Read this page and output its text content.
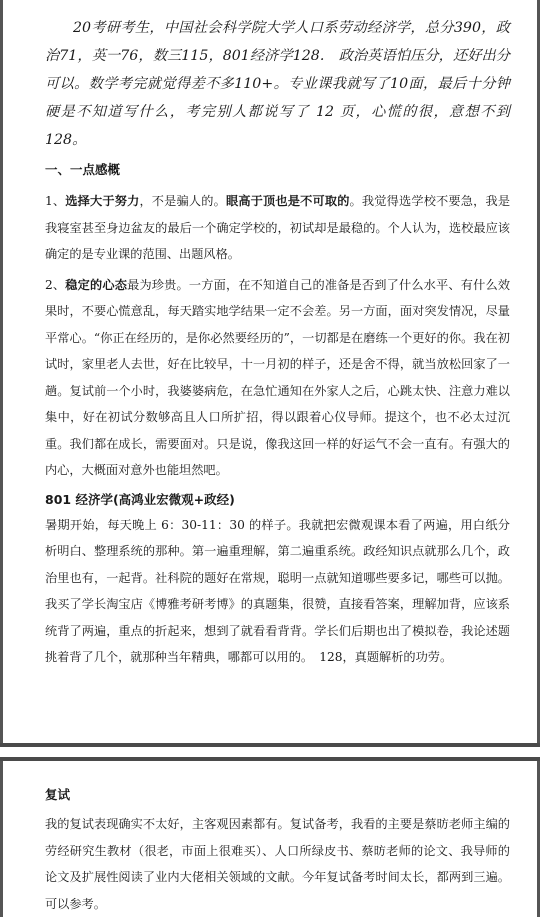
20考研考生，中国社会科学院大学人口系劳动经济学，总分390，政治71，英一76，数三115，801经济学128.　政治英语怕压分，还好出分可以。数学考完就觉得差不多110+。专业课我就写了10面，最后十分钟硬是不知道写什么，考完别人都说写了 12 页，心慌的很，意想不到128。

一、一点感概

1、选择大于努力，不是骗人的。眼高于顶也是不可取的。我觉得选学校不要急，我是我寝室甚至身边盆友的最后一个确定学校的，初试却是最稳的。个人认为，选校最应该确定的是专业课的范围、出题风格。

2、稳定的心态最为珍贵。一方面，在不知道自己的准备是否到了什么水平、有什么效果时，不要心慌意乱，每天踏实地学结果一定不会差。另一方面，面对突发情况，尽量平常心。“你正在经历的，是你必然要经历的”，一切都是在磨练一个更好的你。我在初试时，家里老人去世，好在比较早，十一月初的样子，还是舍不得，就当放松回家了一趟。复试前一个小时，我婆婆病危，在急忙通知在外家人之后，心跳太快、注意力难以集中，好在初试分数够高且人口所扩招，得以跟着心仪导师。提这个，也不必太过沉重。我们都在成长，需要面对。只是说，像我这回一样的好运气不会一直有。有强大的内心，大概面对意外也能坦然吧。

801 经济学(高鸿业宏微观+政经)

暑期开始，每天晚上 6：30-11：30 的样子。我就把宏微观课本看了两遍，用白纸分析明白、整理系统的那种。第一遍重理解，第二遍重系统。政经知识点就那么几个，政治里也有，一起背。社科院的题好在常规，聪明一点就知道哪些要多记，哪些可以抛。我买了学长淘宝店《博雅考研考博》的真题集，很赞，直接看答案，理解加背，应该系统背了两遍，重点的折起来，想到了就看看背背。学长们后期也出了模拟卷，我论述题挑着背了几个，就那种当年精典，哪都可以用的。　128，真题解析的功劳。

复试

我的复试表现确实不太好，主客观因素都有。复试备考，我看的主要是蔡昉老师主编的劳经研究生教材（很老，市面上很难买）、人口所绿皮书、蔡昉老师的论文、我导师的论文及扩展性阅读了业内大佬相关领域的文献。今年复试备考时间太长，都两到三遍。可以参考。
